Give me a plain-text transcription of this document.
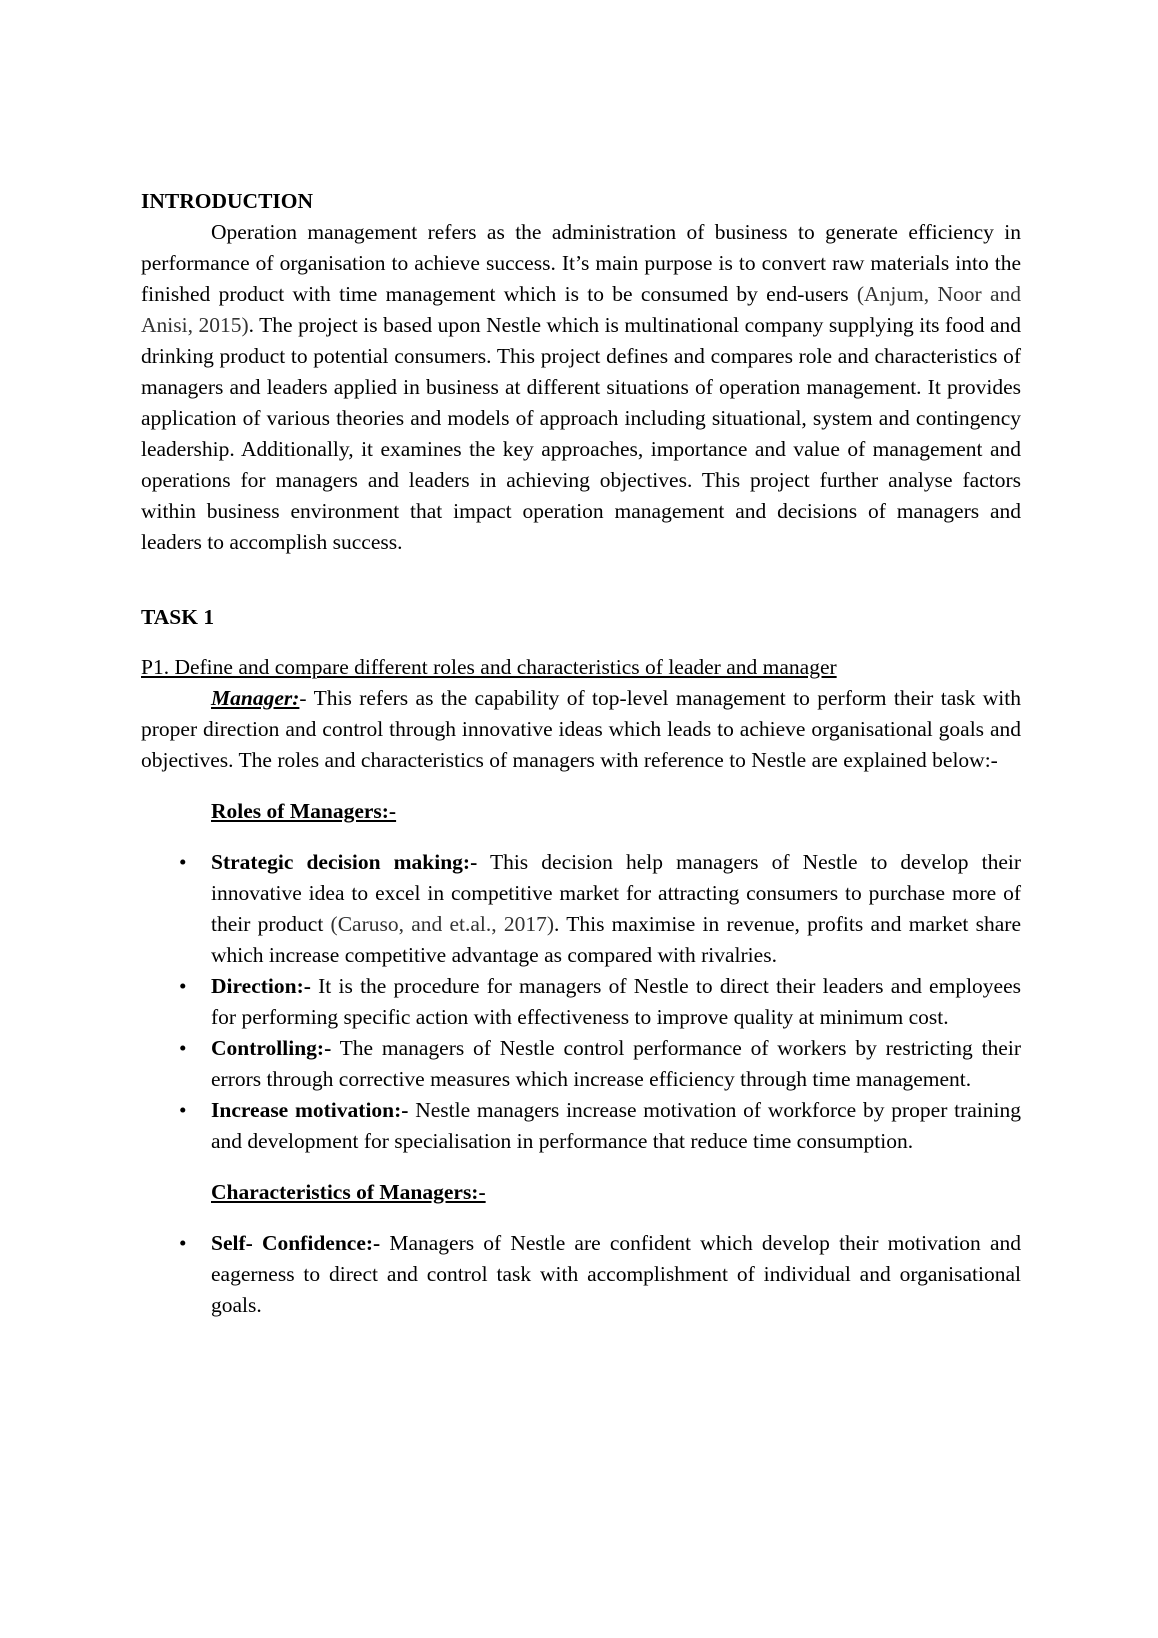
INTRODUCTION

Operation management refers as the administration of business to generate efficiency in performance of organisation to achieve success. It’s main purpose is to convert raw materials into the finished product with time management which is to be consumed by end-users (Anjum, Noor and Anisi, 2015). The project is based upon Nestle which is multinational company supplying its food and drinking product to potential consumers. This project defines and compares role and characteristics of managers and leaders applied in business at different situations of operation management. It provides application of various theories and models of approach including situational, system and contingency leadership. Additionally, it examines the key approaches, importance and value of management and operations for managers and leaders in achieving objectives. This project further analyse factors within business environment that impact operation management and decisions of managers and leaders to accomplish success.

TASK 1

P1. Define and compare different roles and characteristics of leader and manager

Manager:- This refers as the capability of top-level management to perform their task with proper direction and control through innovative ideas which leads to achieve organisational goals and objectives. The roles and characteristics of managers with reference to Nestle are explained below:-

Roles of Managers:-

• Strategic decision making:- This decision help managers of Nestle to develop their innovative idea to excel in competitive market for attracting consumers to purchase more of their product (Caruso, and et.al., 2017). This maximise in revenue, profits and market share which increase competitive advantage as compared with rivalries.
• Direction:- It is the procedure for managers of Nestle to direct their leaders and employees for performing specific action with effectiveness to improve quality at minimum cost.
• Controlling:- The managers of Nestle control performance of workers by restricting their errors through corrective measures which increase efficiency through time management.
• Increase motivation:- Nestle managers increase motivation of workforce by proper training and development for specialisation in performance that reduce time consumption.

Characteristics of Managers:-

• Self- Confidence:- Managers of Nestle are confident which develop their motivation and eagerness to direct and control task with accomplishment of individual and organisational goals.
